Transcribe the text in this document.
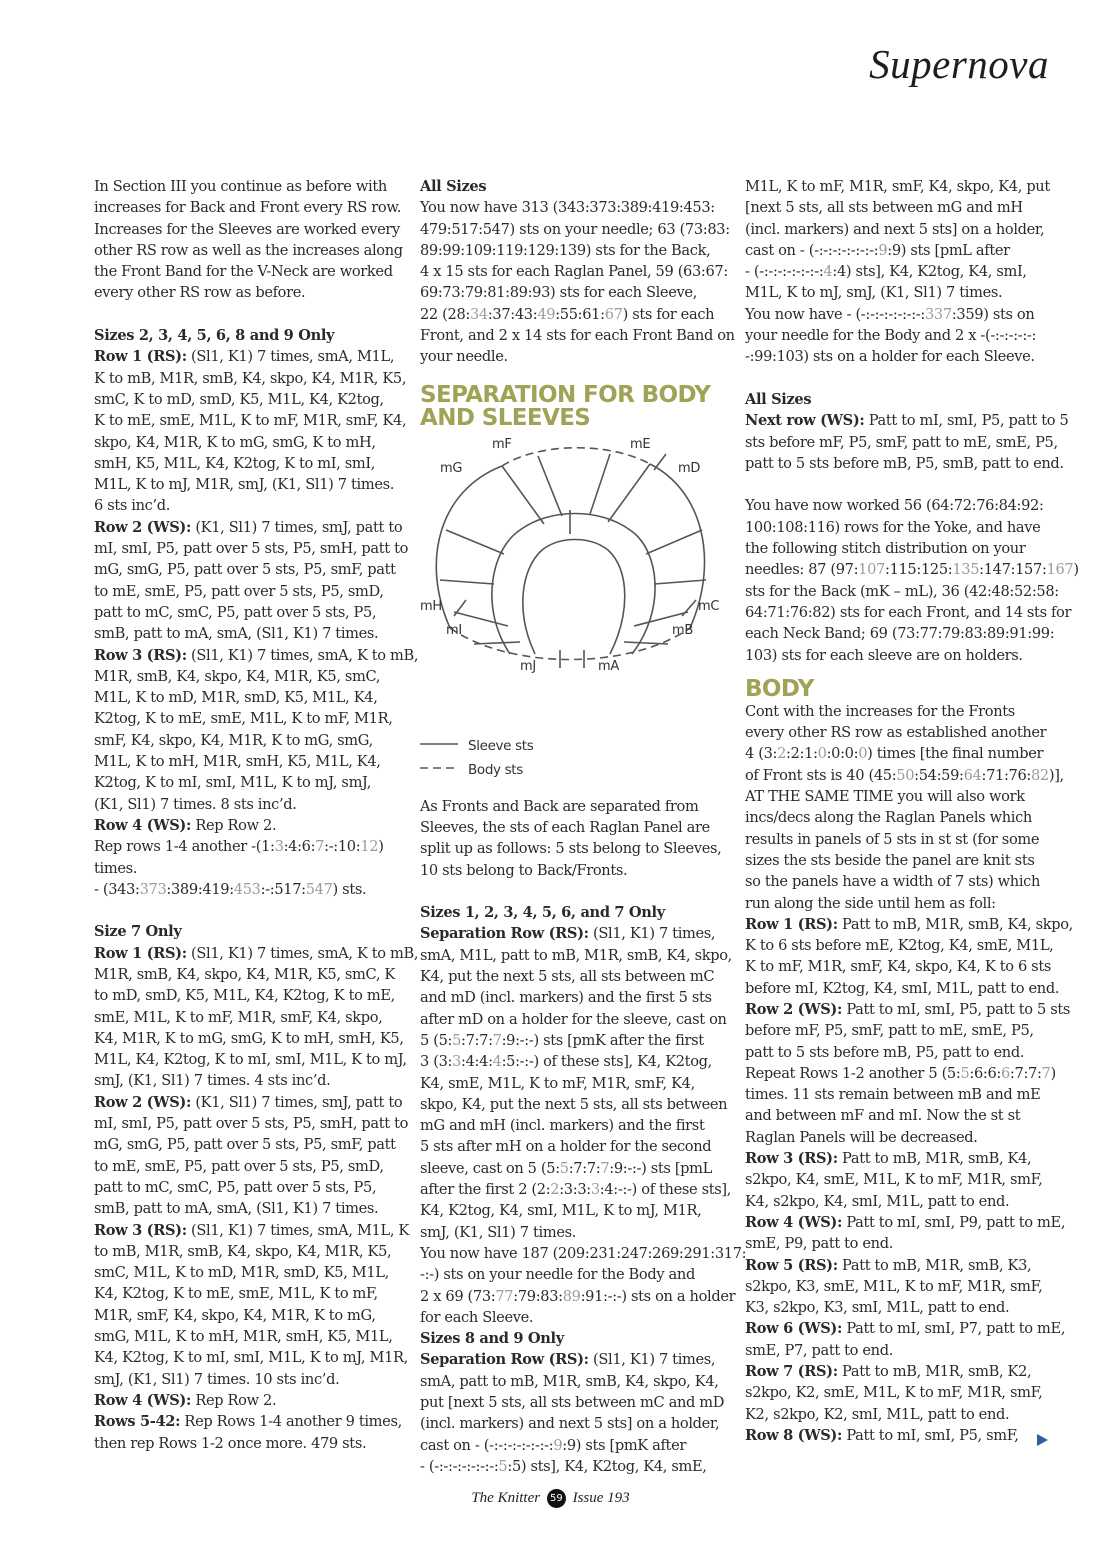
Supernova
In Section III you continue as before with
increases for Back and Front every RS row.
Increases for the Sleeves are worked every
other RS row as well as the increases along
the Front Band for the V-Neck are worked
every other RS row as before.
Sizes 2, 3, 4, 5, 6, 8 and 9 Only
Row 1 (RS): (Sl1, K1) 7 times, smA, M1L,
K to mB, M1R, smB, K4, skpo, K4, M1R, K5,
smC, K to mD, smD, K5, M1L, K4, K2tog,
K to mE, smE, M1L, K to mF, M1R, smF, K4,
skpo, K4, M1R, K to mG, smG, K to mH,
smH, K5, M1L, K4, K2tog, K to mI, smI,
M1L, K to mJ, M1R, smJ, (K1, Sl1) 7 times.
6 sts inc’d.
Row 2 (WS): (K1, Sl1) 7 times, smJ, patt to
mI, smI, P5, patt over 5 sts, P5, smH, patt to
mG, smG, P5, patt over 5 sts, P5, smF, patt
to mE, smE, P5, patt over 5 sts, P5, smD,
patt to mC, smC, P5, patt over 5 sts, P5,
smB, patt to mA, smA, (Sl1, K1) 7 times.
Row 3 (RS): (Sl1, K1) 7 times, smA, K to mB,
M1R, smB, K4, skpo, K4, M1R, K5, smC,
M1L, K to mD, M1R, smD, K5, M1L, K4,
K2tog, K to mE, smE, M1L, K to mF, M1R,
smF, K4, skpo, K4, M1R, K to mG, smG,
M1L, K to mH, M1R, smH, K5, M1L, K4,
K2tog, K to mI, smI, M1L, K to mJ, smJ,
(K1, Sl1) 7 times. 8 sts inc’d.
Row 4 (WS): Rep Row 2.
Rep rows 1-4 another -(1:3:4:6:7:-:10:12)
times.
- (343:373:389:419:453:-:517:547) sts.
Size 7 Only
Row 1 (RS): (Sl1, K1) 7 times, smA, K to mB,
M1R, smB, K4, skpo, K4, M1R, K5, smC, K
to mD, smD, K5, M1L, K4, K2tog, K to mE,
smE, M1L, K to mF, M1R, smF, K4, skpo,
K4, M1R, K to mG, smG, K to mH, smH, K5,
M1L, K4, K2tog, K to mI, smI, M1L, K to mJ,
smJ, (K1, Sl1) 7 times. 4 sts inc’d.
Row 2 (WS): (K1, Sl1) 7 times, smJ, patt to
mI, smI, P5, patt over 5 sts, P5, smH, patt to
mG, smG, P5, patt over 5 sts, P5, smF, patt
to mE, smE, P5, patt over 5 sts, P5, smD,
patt to mC, smC, P5, patt over 5 sts, P5,
smB, patt to mA, smA, (Sl1, K1) 7 times.
Row 3 (RS): (Sl1, K1) 7 times, smA, M1L, K
to mB, M1R, smB, K4, skpo, K4, M1R, K5,
smC, M1L, K to mD, M1R, smD, K5, M1L,
K4, K2tog, K to mE, smE, M1L, K to mF,
M1R, smF, K4, skpo, K4, M1R, K to mG,
smG, M1L, K to mH, M1R, smH, K5, M1L,
K4, K2tog, K to mI, smI, M1L, K to mJ, M1R,
smJ, (K1, Sl1) 7 times. 10 sts inc’d.
Row 4 (WS): Rep Row 2.
Rows 5-42: Rep Rows 1-4 another 9 times,
then rep Rows 1-2 once more. 479 sts.
All Sizes
You now have 313 (343:373:389:419:453:
479:517:547) sts on your needle; 63 (73:83:
89:99:109:119:129:139) sts for the Back,
4 x 15 sts for each Raglan Panel, 59 (63:67:
69:73:79:81:89:93) sts for each Sleeve,
22 (28:34:37:43:49:55:61:67) sts for each
Front, and 2 x 14 sts for each Front Band on
your needle.
SEPARATION FOR BODY
AND SLEEVES
mF	mE
mG	mD
mH	mC
mI	mB
mJ	mA
Sleeve sts
Body sts
As Fronts and Back are separated from
Sleeves, the sts of each Raglan Panel are
split up as follows: 5 sts belong to Sleeves,
10 sts belong to Back/Fronts.
Sizes 1, 2, 3, 4, 5, 6, and 7 Only
Separation Row (RS): (Sl1, K1) 7 times,
smA, M1L, patt to mB, M1R, smB, K4, skpo,
K4, put the next 5 sts, all sts between mC
and mD (incl. markers) and the first 5 sts
after mD on a holder for the sleeve, cast on
5 (5:5:7:7:7:9:-:-) sts [pmK after the first
3 (3:3:4:4:4:5:-:-) of these sts], K4, K2tog,
K4, smE, M1L, K to mF, M1R, smF, K4,
skpo, K4, put the next 5 sts, all sts between
mG and mH (incl. markers) and the first
5 sts after mH on a holder for the second
sleeve, cast on 5 (5:5:7:7:7:9:-:-) sts [pmL
after the first 2 (2:2:3:3:3:4:-:-) of these sts],
K4, K2tog, K4, smI, M1L, K to mJ, M1R,
smJ, (K1, Sl1) 7 times.
You now have 187 (209:231:247:269:291:317:
-:-) sts on your needle for the Body and
2 x 69 (73:77:79:83:89:91:-:-) sts on a holder
for each Sleeve.
Sizes 8 and 9 Only
Separation Row (RS): (Sl1, K1) 7 times,
smA, patt to mB, M1R, smB, K4, skpo, K4,
put [next 5 sts, all sts between mC and mD
(incl. markers) and next 5 sts] on a holder,
cast on - (-:-:-:-:-:-:-:9:9) sts [pmK after
- (-:-:-:-:-:-:-:5:5) sts], K4, K2tog, K4, smE,
M1L, K to mF, M1R, smF, K4, skpo, K4, put
[next 5 sts, all sts between mG and mH
(incl. markers) and next 5 sts] on a holder,
cast on - (-:-:-:-:-:-:-:9:9) sts [pmL after
- (-:-:-:-:-:-:-:4:4) sts], K4, K2tog, K4, smI,
M1L, K to mJ, smJ, (K1, Sl1) 7 times.
You now have - (-:-:-:-:-:-:-:337:359) sts on
your needle for the Body and 2 x -(-:-:-:-:-:
-:99:103) sts on a holder for each Sleeve.
All Sizes
Next row (WS): Patt to mI, smI, P5, patt to 5
sts before mF, P5, smF, patt to mE, smE, P5,
patt to 5 sts before mB, P5, smB, patt to end.
You have now worked 56 (64:72:76:84:92:
100:108:116) rows for the Yoke, and have
the following stitch distribution on your
needles: 87 (97:107:115:125:135:147:157:167)
sts for the Back (mK – mL), 36 (42:48:52:58:
64:71:76:82) sts for each Front, and 14 sts for
each Neck Band; 69 (73:77:79:83:89:91:99:
103) sts for each sleeve are on holders.
BODY
Cont with the increases for the Fronts
every other RS row as established another
4 (3:2:2:1:0:0:0:0) times [the final number
of Front sts is 40 (45:50:54:59:64:71:76:82)],
AT THE SAME TIME you will also work
incs/decs along the Raglan Panels which
results in panels of 5 sts in st st (for some
sizes the sts beside the panel are knit sts
so the panels have a width of 7 sts) which
run along the side until hem as foll:
Row 1 (RS): Patt to mB, M1R, smB, K4, skpo,
K to 6 sts before mE, K2tog, K4, smE, M1L,
K to mF, M1R, smF, K4, skpo, K4, K to 6 sts
before mI, K2tog, K4, smI, M1L, patt to end.
Row 2 (WS): Patt to mI, smI, P5, patt to 5 sts
before mF, P5, smF, patt to mE, smE, P5,
patt to 5 sts before mB, P5, patt to end.
Repeat Rows 1-2 another 5 (5:5:6:6:6:7:7:7)
times. 11 sts remain between mB and mE
and between mF and mI. Now the st st
Raglan Panels will be decreased.
Row 3 (RS): Patt to mB, M1R, smB, K4,
s2kpo, K4, smE, M1L, K to mF, M1R, smF,
K4, s2kpo, K4, smI, M1L, patt to end.
Row 4 (WS): Patt to mI, smI, P9, patt to mE,
smE, P9, patt to end.
Row 5 (RS): Patt to mB, M1R, smB, K3,
s2kpo, K3, smE, M1L, K to mF, M1R, smF,
K3, s2kpo, K3, smI, M1L, patt to end.
Row 6 (WS): Patt to mI, smI, P7, patt to mE,
smE, P7, patt to end.
Row 7 (RS): Patt to mB, M1R, smB, K2,
s2kpo, K2, smE, M1L, K to mF, M1R, smF,
K2, s2kpo, K2, smI, M1L, patt to end.
Row 8 (WS): Patt to mI, smI, P5, smF,
The Knitter 59 Issue 193
